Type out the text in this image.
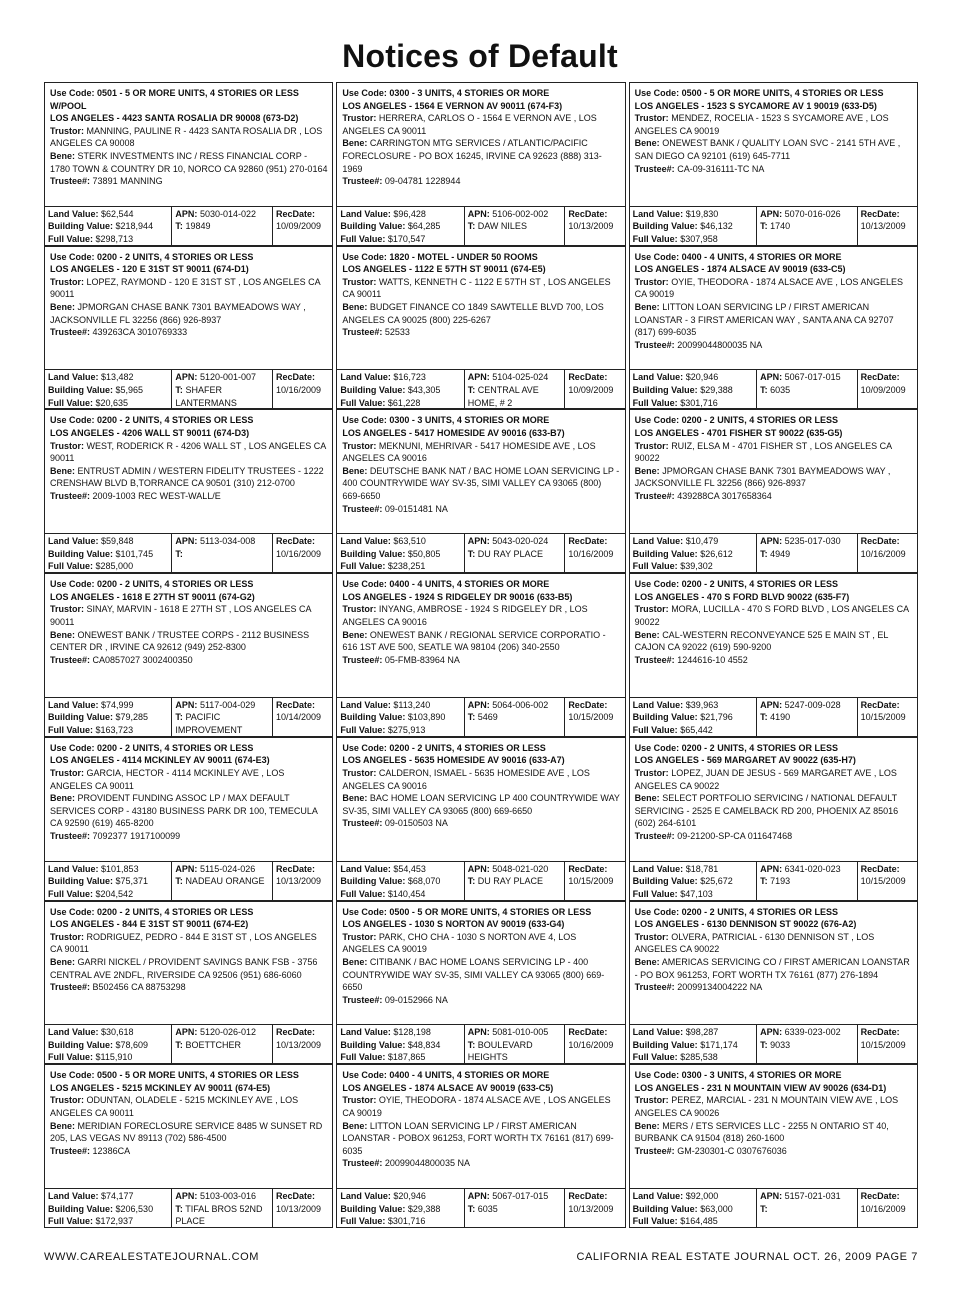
Notices of Default
Use Code: 0501 - 5 OR MORE UNITS, 4 STORIES OR LESS W/POOL
LOS ANGELES - 4423 SANTA ROSALIA DR 90008 (673-D2)
Trustor: MANNING, PAULINE R - 4423 SANTA ROSALIA DR , LOS ANGELES CA 90008
Bene: STERK INVESTMENTS INC / RESS FINANCIAL CORP - 1780 TOWN & COUNTRY DR 10, NORCO CA 92860 (951) 270-0164
Trustee#: 73891 MANNING
Land Value: $62,544
Building Value: $218,944
Full Value: $298,713
APN: 5030-014-022
T: 19849
RecDate:
10/09/2009
Use Code: 0300 - 3 UNITS, 4 STORIES OR MORE
LOS ANGELES - 1564 E VERNON AV 90011 (674-F3)
Trustor: HERRERA, CARLOS O - 1564 E VERNON AVE , LOS ANGELES CA 90011
Bene: CARRINGTON MTG SERVICES / ATLANTIC/PACIFIC FORECLOSURE - PO BOX 16245, IRVINE CA 92623 (888) 313-1969
Trustee#: 09-04781 1228944
Land Value: $96,428
Building Value: $64,285
Full Value: $170,547
APN: 5106-002-002
T: DAW NILES
RecDate:
10/13/2009
Use Code: 0500 - 5 OR MORE UNITS, 4 STORIES OR LESS
LOS ANGELES - 1523 S SYCAMORE AV 1 90019 (633-D5)
Trustor: MENDEZ, ROCELIA - 1523 S SYCAMORE AVE , LOS ANGELES CA 90019
Bene: ONEWEST BANK / QUALITY LOAN SVC - 2141 5TH AVE , SAN DIEGO CA 92101 (619) 645-7711
Trustee#: CA-09-316111-TC NA
Land Value: $19,830
Building Value: $46,132
Full Value: $307,958
APN: 5070-016-026
T: 1740
RecDate:
10/13/2009
Use Code: 0200 - 2 UNITS, 4 STORIES OR LESS
LOS ANGELES - 120 E 31ST ST 90011 (674-D1)
Trustor: LOPEZ, RAYMOND - 120 E 31ST ST , LOS ANGELES CA 90011
Bene: JPMORGAN CHASE BANK 7301 BAYMEADOWS WAY , JACKSONVILLE FL 32256 (866) 926-8937
Trustee#: 439263CA 3010769333
Land Value: $13,482
Building Value: $5,965
Full Value: $20,635
APN: 5120-001-007
T: SHAFER LANTERMANS
RecDate:
10/16/2009
Use Code: 1820 - MOTEL - UNDER 50 ROOMS
LOS ANGELES - 1122 E 57TH ST 90011 (674-E5)
Trustor: WATTS, KENNETH C - 1122 E 57TH ST , LOS ANGELES CA 90011
Bene: BUDGET FINANCE CO 1849 SAWTELLE BLVD 700, LOS ANGELES CA 90025 (800) 225-6267
Trustee#: 52533
Land Value: $16,723
Building Value: $43,305
Full Value: $61,228
APN: 5104-025-024
T: CENTRAL AVE HOME, # 2
RecDate:
10/09/2009
Use Code: 0400 - 4 UNITS, 4 STORIES OR MORE
LOS ANGELES - 1874 ALSACE AV 90019 (633-C5)
Trustor: OYIE, THEODORA - 1874 ALSACE AVE , LOS ANGELES CA 90019
Bene: LITTON LOAN SERVICING LP / FIRST AMERICAN LOANSTAR - 3 FIRST AMERICAN WAY , SANTA ANA CA 92707 (817) 699-6035
Trustee#: 20099044800035 NA
Land Value: $20,946
Building Value: $29,388
Full Value: $301,716
APN: 5067-017-015
T: 6035
RecDate:
10/09/2009
Use Code: 0200 - 2 UNITS, 4 STORIES OR LESS
LOS ANGELES - 4206 WALL ST 90011 (674-D3)
Trustor: WEST, RODERICK R - 4206 WALL ST , LOS ANGELES CA 90011
Bene: ENTRUST ADMIN / WESTERN FIDELITY TRUSTEES - 1222 CRENSHAW BLVD B,TORRANCE CA 90501 (310) 212-0700
Trustee#: 2009-1003 REC WEST-WALL/E
Land Value: $59,848
Building Value: $101,745
Full Value: $285,000
APN: 5113-034-008
T:
RecDate:
10/16/2009
Use Code: 0300 - 3 UNITS, 4 STORIES OR MORE
LOS ANGELES - 5417 HOMESIDE AV 90016 (633-B7)
Trustor: MEKNUNI, MEHRIVAR - 5417 HOMESIDE AVE , LOS ANGELES CA 90016
Bene: DEUTSCHE BANK NAT / BAC HOME LOAN SERVICING LP - 400 COUNTRYWIDE WAY SV-35, SIMI VALLEY CA 93065 (800) 669-6650
Trustee#: 09-0151481 NA
Land Value: $63,510
Building Value: $50,805
Full Value: $238,251
APN: 5043-020-024
T: DU RAY PLACE
RecDate:
10/16/2009
Use Code: 0200 - 2 UNITS, 4 STORIES OR LESS
LOS ANGELES - 4701 FISHER ST 90022 (635-G5)
Trustor: RUIZ, ELSA M - 4701 FISHER ST , LOS ANGELES CA 90022
Bene: JPMORGAN CHASE BANK 7301 BAYMEADOWS WAY , JACKSONVILLE FL 32256 (866) 926-8937
Trustee#: 439288CA 3017658364
Land Value: $10,479
Building Value: $26,612
Full Value: $39,302
APN: 5235-017-030
T: 4949
RecDate:
10/16/2009
Use Code: 0200 - 2 UNITS, 4 STORIES OR LESS
LOS ANGELES - 1618 E 27TH ST 90011 (674-G2)
Trustor: SINAY, MARVIN - 1618 E 27TH ST , LOS ANGELES CA 90011
Bene: ONEWEST BANK / TRUSTEE CORPS - 2112 BUSINESS CENTER DR , IRVINE CA 92612 (949) 252-8300
Trustee#: CA0857027 3002400350
Land Value: $74,999
Building Value: $79,285
Full Value: $163,723
APN: 5117-004-029
T: PACIFIC IMPROVEMENT
RecDate:
10/14/2009
Use Code: 0400 - 4 UNITS, 4 STORIES OR MORE
LOS ANGELES - 1924 S RIDGELEY DR 90016 (633-B5)
Trustor: INYANG, AMBROSE - 1924 S RIDGELEY DR , LOS ANGELES CA 90016
Bene: ONEWEST BANK / REGIONAL SERVICE CORPORATIO - 616 1ST AVE 500, SEATLE WA 98104 (206) 340-2550
Trustee#: 05-FMB-83964 NA
Land Value: $113,240
Building Value: $103,890
Full Value: $275,913
APN: 5064-006-002
T: 5469
RecDate:
10/15/2009
Use Code: 0200 - 2 UNITS, 4 STORIES OR LESS
LOS ANGELES - 470 S FORD BLVD 90022 (635-F7)
Trustor: MORA, LUCILLA - 470 S FORD BLVD , LOS ANGELES CA 90022
Bene: CAL-WESTERN RECONVEYANCE 525 E MAIN ST , EL CAJON CA 92022 (619) 590-9200
Trustee#: 1244616-10 4552
Land Value: $39,963
Building Value: $21,796
Full Value: $65,442
APN: 5247-009-028
T: 4190
RecDate:
10/15/2009
Use Code: 0200 - 2 UNITS, 4 STORIES OR LESS
LOS ANGELES - 4114 MCKINLEY AV 90011 (674-E3)
Trustor: GARCIA, HECTOR - 4114 MCKINLEY AVE , LOS ANGELES CA 90011
Bene: PROVIDENT FUNDING ASSOC LP / MAX DEFAULT SERVICES CORP - 43180 BUSINESS PARK DR 100, TEMECULA CA 92590 (619) 465-8200
Trustee#: 7092377 1917100099
Land Value: $101,853
Building Value: $75,371
Full Value: $204,542
APN: 5115-024-026
T: NADEAU ORANGE
RecDate:
10/13/2009
Use Code: 0200 - 2 UNITS, 4 STORIES OR LESS
LOS ANGELES - 5635 HOMESIDE AV 90016 (633-A7)
Trustor: CALDERON, ISMAEL - 5635 HOMESIDE AVE , LOS ANGELES CA 90016
Bene: BAC HOME LOAN SERVICING LP 400 COUNTRYWIDE WAY SV-35, SIMI VALLEY CA 93065 (800) 669-6650
Trustee#: 09-0150503 NA
Land Value: $54,453
Building Value: $68,070
Full Value: $140,454
APN: 5048-021-020
T: DU RAY PLACE
RecDate:
10/15/2009
Use Code: 0200 - 2 UNITS, 4 STORIES OR LESS
LOS ANGELES - 569 MARGARET AV 90022 (635-H7)
Trustor: LOPEZ, JUAN DE JESUS - 569 MARGARET AVE , LOS ANGELES CA 90022
Bene: SELECT PORTFOLIO SERVICING / NATIONAL DEFAULT SERVICING - 2525 E CAMELBACK RD 200, PHOENIX AZ 85016 (602) 264-6101
Trustee#: 09-21200-SP-CA 011647468
Land Value: $18,781
Building Value: $25,672
Full Value: $47,103
APN: 6341-020-023
T: 7193
RecDate:
10/15/2009
Use Code: 0200 - 2 UNITS, 4 STORIES OR LESS
LOS ANGELES - 844 E 31ST ST 90011 (674-E2)
Trustor: RODRIGUEZ, PEDRO - 844 E 31ST ST , LOS ANGELES CA 90011
Bene: GARRI NICKEL / PROVIDENT SAVINGS BANK FSB - 3756 CENTRAL AVE 2NDFL, RIVERSIDE CA 92506 (951) 686-6060
Trustee#: B502456 CA 88753298
Land Value: $30,618
Building Value: $78,609
Full Value: $115,910
APN: 5120-026-012
T: BOETTCHER
RecDate:
10/13/2009
Use Code: 0500 - 5 OR MORE UNITS, 4 STORIES OR LESS
LOS ANGELES - 1030 S NORTON AV 90019 (633-G4)
Trustor: PARK, CHO CHA - 1030 S NORTON AVE 4, LOS ANGELES CA 90019
Bene: CITIBANK / BAC HOME LOANS SERVICING LP - 400 COUNTRYWIDE WAY SV-35, SIMI VALLEY CA 93065 (800) 669-6650
Trustee#: 09-0152966 NA
Land Value: $128,198
Building Value: $48,834
Full Value: $187,865
APN: 5081-010-005
T: BOULEVARD HEIGHTS
RecDate:
10/16/2009
Use Code: 0200 - 2 UNITS, 4 STORIES OR LESS
LOS ANGELES - 6130 DENNISON ST 90022 (676-A2)
Trustor: OLVERA, PATRICIAL - 6130 DENNISON ST , LOS ANGELES CA 90022
Bene: AMERICAS SERVICING CO / FIRST AMERICAN LOANSTAR - PO BOX 961253, FORT WORTH TX 76161 (877) 276-1894
Trustee#: 20099134004222 NA
Land Value: $98,287
Building Value: $171,174
Full Value: $285,538
APN: 6339-023-002
T: 9033
RecDate:
10/15/2009
Use Code: 0500 - 5 OR MORE UNITS, 4 STORIES OR LESS
LOS ANGELES - 5215 MCKINLEY AV 90011 (674-E5)
Trustor: ODUNTAN, OLADELE - 5215 MCKINLEY AVE , LOS ANGELES CA 90011
Bene: MERIDIAN FORECLOSURE SERVICE 8485 W SUNSET RD 205, LAS VEGAS NV 89113 (702) 586-4500
Trustee#: 12386CA
Land Value: $74,177
Building Value: $206,530
Full Value: $172,937
APN: 5103-003-016
T: TIFAL BROS 52ND PLACE
RecDate:
10/13/2009
Use Code: 0400 - 4 UNITS, 4 STORIES OR MORE
LOS ANGELES - 1874 ALSACE AV 90019 (633-C5)
Trustor: OYIE, THEODORA - 1874 ALSACE AVE , LOS ANGELES CA 90019
Bene: LITTON LOAN SERVICING LP / FIRST AMERICAN LOANSTAR - POBOX 961253, FORT WORTH TX 76161 (817) 699-6035
Trustee#: 20099044800035 NA
Land Value: $20,946
Building Value: $29,388
Full Value: $301,716
APN: 5067-017-015
T: 6035
RecDate:
10/13/2009
Use Code: 0300 - 3 UNITS, 4 STORIES OR MORE
LOS ANGELES - 231 N MOUNTAIN VIEW AV 90026 (634-D1)
Trustor: PEREZ, MARCIAL - 231 N MOUNTAIN VIEW AVE , LOS ANGELES CA 90026
Bene: MERS / ETS SERVICES LLC - 2255 N ONTARIO ST 40, BURBANK CA 91504 (818) 260-1600
Trustee#: GM-230301-C 0307676036
Land Value: $92,000
Building Value: $63,000
Full Value: $164,485
APN: 5157-021-031
T:
RecDate:
10/16/2009
WWW.CAREALESTATEJOURNAL.COM	CALIFORNIA REAL ESTATE JOURNAL OCT. 26, 2009 PAGE 7
